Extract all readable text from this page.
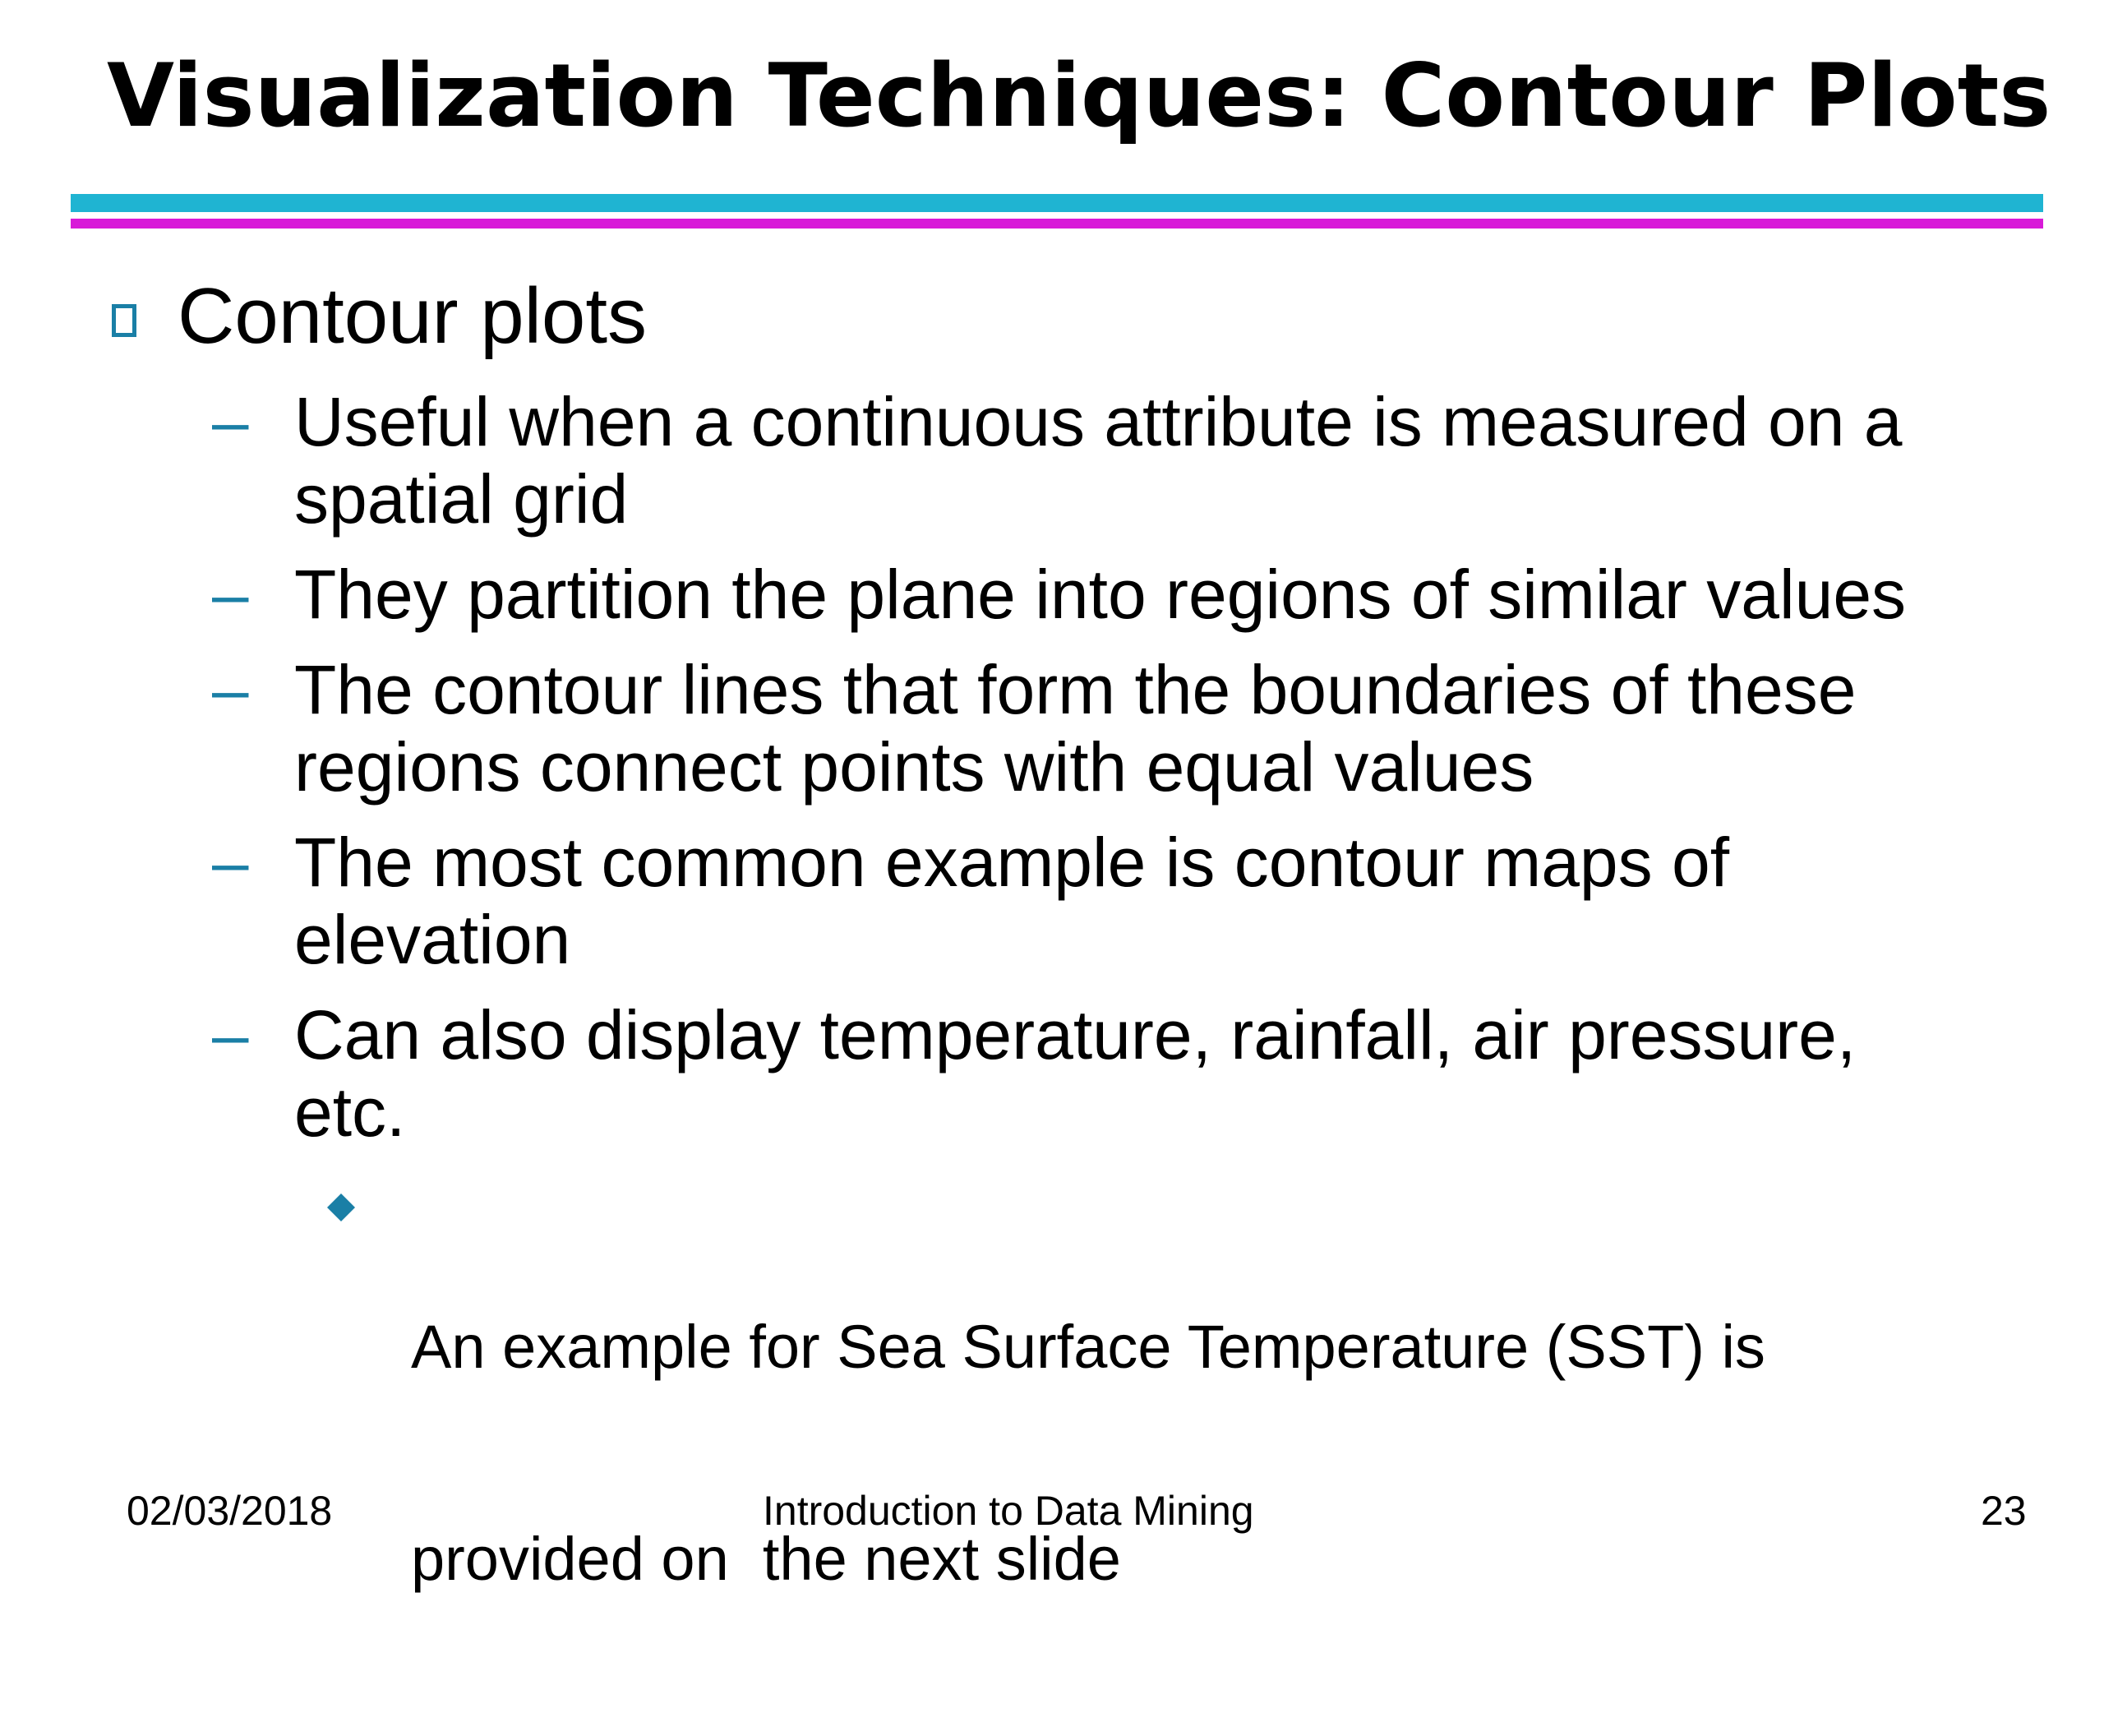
Visualization Techniques: Contour Plots
Contour plots
– Useful when a continuous attribute is measured on a
spatial grid
– They partition the plane into regions of similar values
– The contour lines that form the boundaries of these
regions connect points with equal values
– The most common example is contour maps of
elevation
– Can also display temperature, rainfall, air pressure,
etc.

An example for Sea Surface Temperature (SST) is

provided on  the next slide

02/03/2018	Introduction to Data Mining	23
